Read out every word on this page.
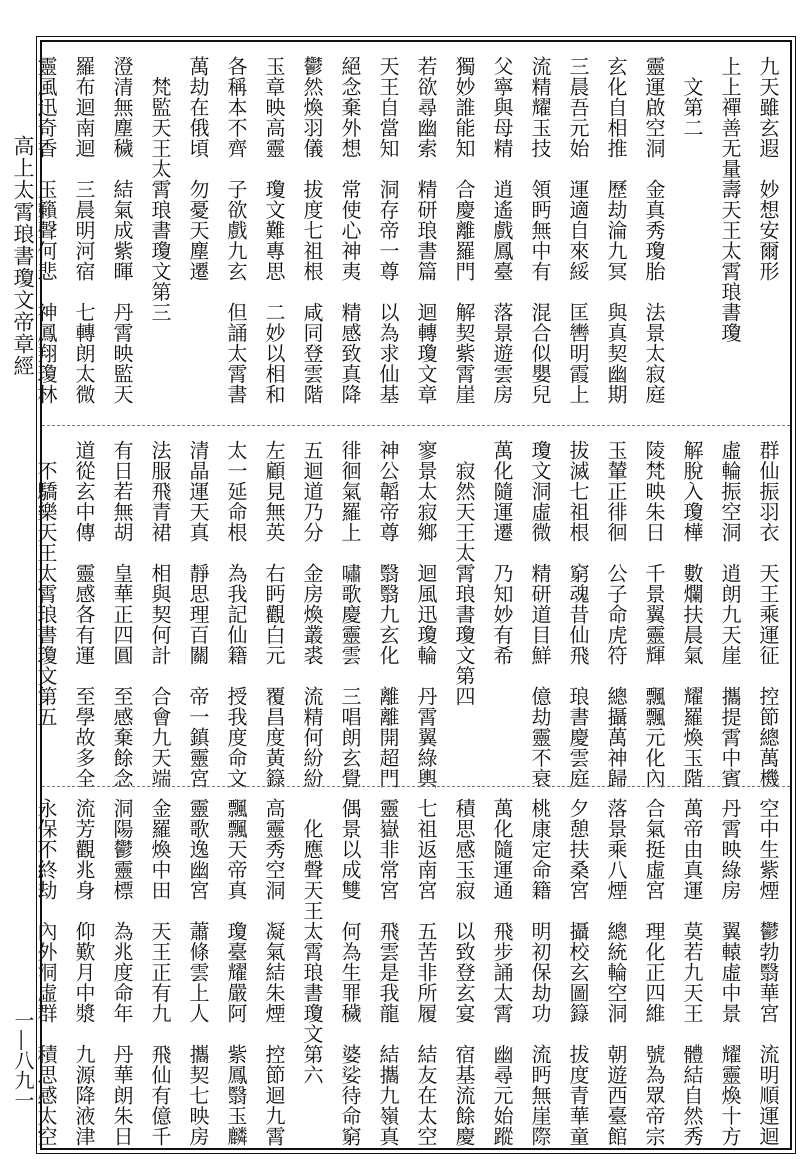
高上太霄琅書瓊文帝章經
一―八九一
九天雖玄遐　妙想安爾形
上上禪善无量壽天王太霄琅書瓊
　文第二
靈運啟空洞　金真秀瓊胎　法景太寂庭
玄化自相推　歷劫淪九冥　與真契幽期
三晨吾元始　運適自來綏　匡轡明霞上
流精耀玉技　領眄無中有　混合似嬰兒
父寧與母精　逍遙戲鳳臺　落景遊雲房
獨妙誰能知　合慶離羅門　解契紫霄崖
若欲尋幽索　精研琅書篇　迴轉瓊文章
天王自當知　洞存帝一尊　以為求仙基
絕念棄外想　常使心神夷　精感致真降
鬱然煥羽儀　拔度七祖根　咸同登雲階
玉章映高靈　瓊文難專思　二妙以相和
各稱本不齊　子欲戲九玄　但誦太霄書
萬劫在俄頃　勿憂天塵遷
　梵監天王太霄琅書瓊文第三
澄清無塵穢　結氣成紫暉　丹霄映監天
羅布迴南迴　三晨明河宿　七轉朗太微
靈風迅奇香　玉籟聲何悲　神鳳翔瓊林
群仙振羽衣　天王乘運征　控節總萬機
虛輪振空洞　逍朗九天崖　攜提霄中賓
解脫入瓊樺　數爛扶晨氣　耀羅煥玉階
陵梵映朱日　千景翼靈輝　飄飄元化內
玉輦正徘徊　公子命虎符　總攝萬神歸
拔滅七祖根　窮魂昔仙飛　琅書慶雲庭
瓊文洞虛微　精研道目鮮　億劫靈不衰
萬化隨運遷　乃知妙有希
　寂然天王太霄琅書瓊文第四
寥景太寂鄉　迴風迅瓊輪　丹霄翼綠輿
神公韜帝尊　翳翳九玄化　離離開超門
徘徊氣羅上　嘯歌慶靈雲　三唱朗玄覺
五迴道乃分　金房煥叢裘　流精何紛紛
左顧見無英　右眄觀白元　覆昌度黃籙
太一延命根　為我記仙籍　授我度命文
清晶運天真　靜思理百關　帝一鎮靈宮
法服飛青裙　相與契何計　合會九天端
有日若無胡　皇華正四圓　至感棄餘念
道從玄中傳　靈感各有運　至學故多全
　不驕樂天王太霄琅書瓊文第五
空中生紫煙　鬱勃翳華宮　流明順運迴
丹霄映綠房　翼轅虛中景　耀靈煥十方
萬帝由真運　莫若九天王　體結自然秀
合氣挺虛宮　理化正四維　號為眾帝宗
落景乘八煙　總統輪空洞　朝遊西臺館
夕憩扶桑宮　攝校玄圖籙　拔度青華童
桃康定命籍　明初保劫功　流眄無崖際
萬化隨運通　飛步誦太霄　幽尋元始蹤
積思感玉寂　以致登玄宴　宿基流餘慶
七祖返南宮　五苦非所履　結友在太空
靈嶽非常宮　飛雲是我龍　結攜九嶺真
偶景以成雙　何為生罪穢　婆娑待命窮
　化應聲天王太霄琅書瓊文第六
高靈秀空洞　凝氣結朱煙　控節迴九霄
飄飄天帝真　瓊臺耀嚴阿　紫鳳翳玉麟
靈歌逸幽宮　蕭條雲上人　攜契七映房
金羅煥中田　天王正有九　飛仙有億千
洞陽鬱靈標　為兆度命年　丹華朗朱日
流芳觀兆身　仰歎月中漿　九源降液津
永保不終劫　內外洞虛群　積思感太空
